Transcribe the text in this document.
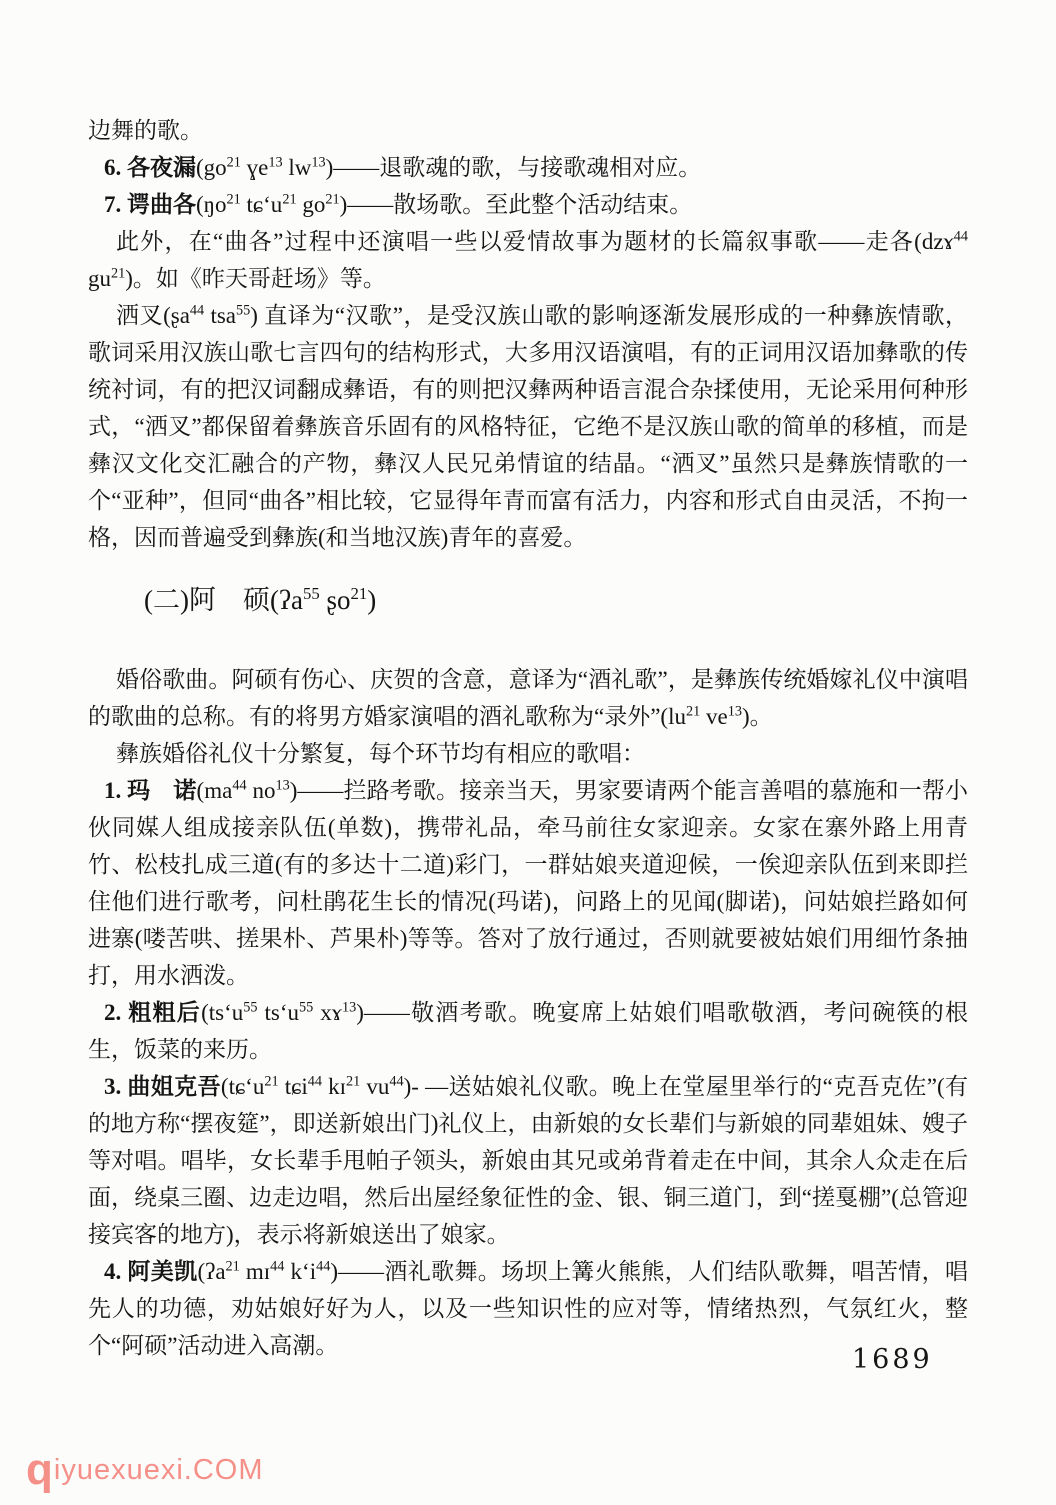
边舞的歌。

6. 各夜漏($go^{21}$ ɣe$^{13}$ $lw^{13})——$退歌魂的歌，与接歌魂相对应。

7. 谔曲各($ŋo^{21}$ $tɕ‘u^{21}$ $go^{21})——$散场歌。至此整个活动结束。

此外，在“曲各”过程中还演唱一些以爱情故事为题材的长篇叙事歌——走各(dzɤ$^{44}$ $gu^{21}$)。如《昨天哥赶场》等。

洒叉(ʂa$^{44}$ tsa$^{55}$) 直译为“汉歌”，是受汉族山歌的影响逐渐发展形成的一种彝族情歌，歌词采用汉族山歌七言四句的结构形式，大多用汉语演唱，有的正词用汉语加彝歌的传统衬词，有的把汉词翻成彝语，有的则把汉彝两种语言混合杂揉使用，无论采用何种形式，“洒叉”都保留着彝族音乐固有的风格特征，它绝不是汉族山歌的简单的移植，而是彝汉文化交汇融合的产物，彝汉人民兄弟情谊的结晶。“洒叉”虽然只是彝族情歌的一个“亚种”，但同“曲各”相比较，它显得年青而富有活力，内容和形式自由灵活，不拘一格，因而普遍受到彝族(和当地汉族)青年的喜爱。

(二)阿　硕(ʔa$^{55}$ ʂo$^{21}$)

婚俗歌曲。阿硕有伤心、庆贺的含意，意译为“酒礼歌”，是彝族传统婚嫁礼仪中演唱的歌曲的总称。有的将男方婚家演唱的酒礼歌称为“录外$”(lu^{21}$ $ve^{13}$)。

彝族婚俗礼仪十分繁复，每个环节均有相应的歌唱：

1. 玛　诺($ma^{44}$ $no^{13})——$拦路考歌。接亲当天，男家要请两个能言善唱的慕施和一帮小伙同媒人组成接亲队伍(单数)，携带礼品，牵马前往女家迎亲。女家在寨外路上用青竹、松枝扎成三道(有的多达十二道)彩门，一群姑娘夹道迎候，一俟迎亲队伍到来即拦住他们进行歌考，问杜鹃花生长的情况(玛诺)，问路上的见闻(脚诺)，问姑娘拦路如何进寨(喽苦哄、搓果朴、芦果朴)等等。答对了放行通过，否则就要被姑娘们用细竹条抽打，用水洒泼。

2. 粗粗后($ts‘u^{55}$ $ts‘u^{55}$ xɤ$^{13}$)——敬酒考歌。晚宴席上姑娘们唱歌敬酒，考问碗筷的根生，饭菜的来历。

3. 曲姐克吾($tɕ‘u^{21}$ tɕi$^{44}$ kɪ$^{21}$ $vu^{44})-$ —送姑娘礼仪歌。晚上在堂屋里举行的“克吾克佐”(有的地方称“摆夜筵”，即送新娘出门)礼仪上，由新娘的女长辈们与新娘的同辈姐妹、嫂子等对唱。唱毕，女长辈手甩帕子领头，新娘由其兄或弟背着走在中间，其余人众走在后面，绕桌三圈、边走边唱，然后出屋经象征性的金、银、铜三道门，到“搓戛棚”(总管迎接宾客的地方)，表示将新娘送出了娘家。

4. 阿美凯(ʔa$^{21}$ mɪ$^{44}$ $k‘i^{44})——$酒礼歌舞。场坝上篝火熊熊，人们结队歌舞，唱苦情，唱先人的功德，劝姑娘好好为人，以及一些知识性的应对等，情绪热烈，气氛红火，整个“阿硕”活动进入高潮。	1689
qiyuexuexi.COM
